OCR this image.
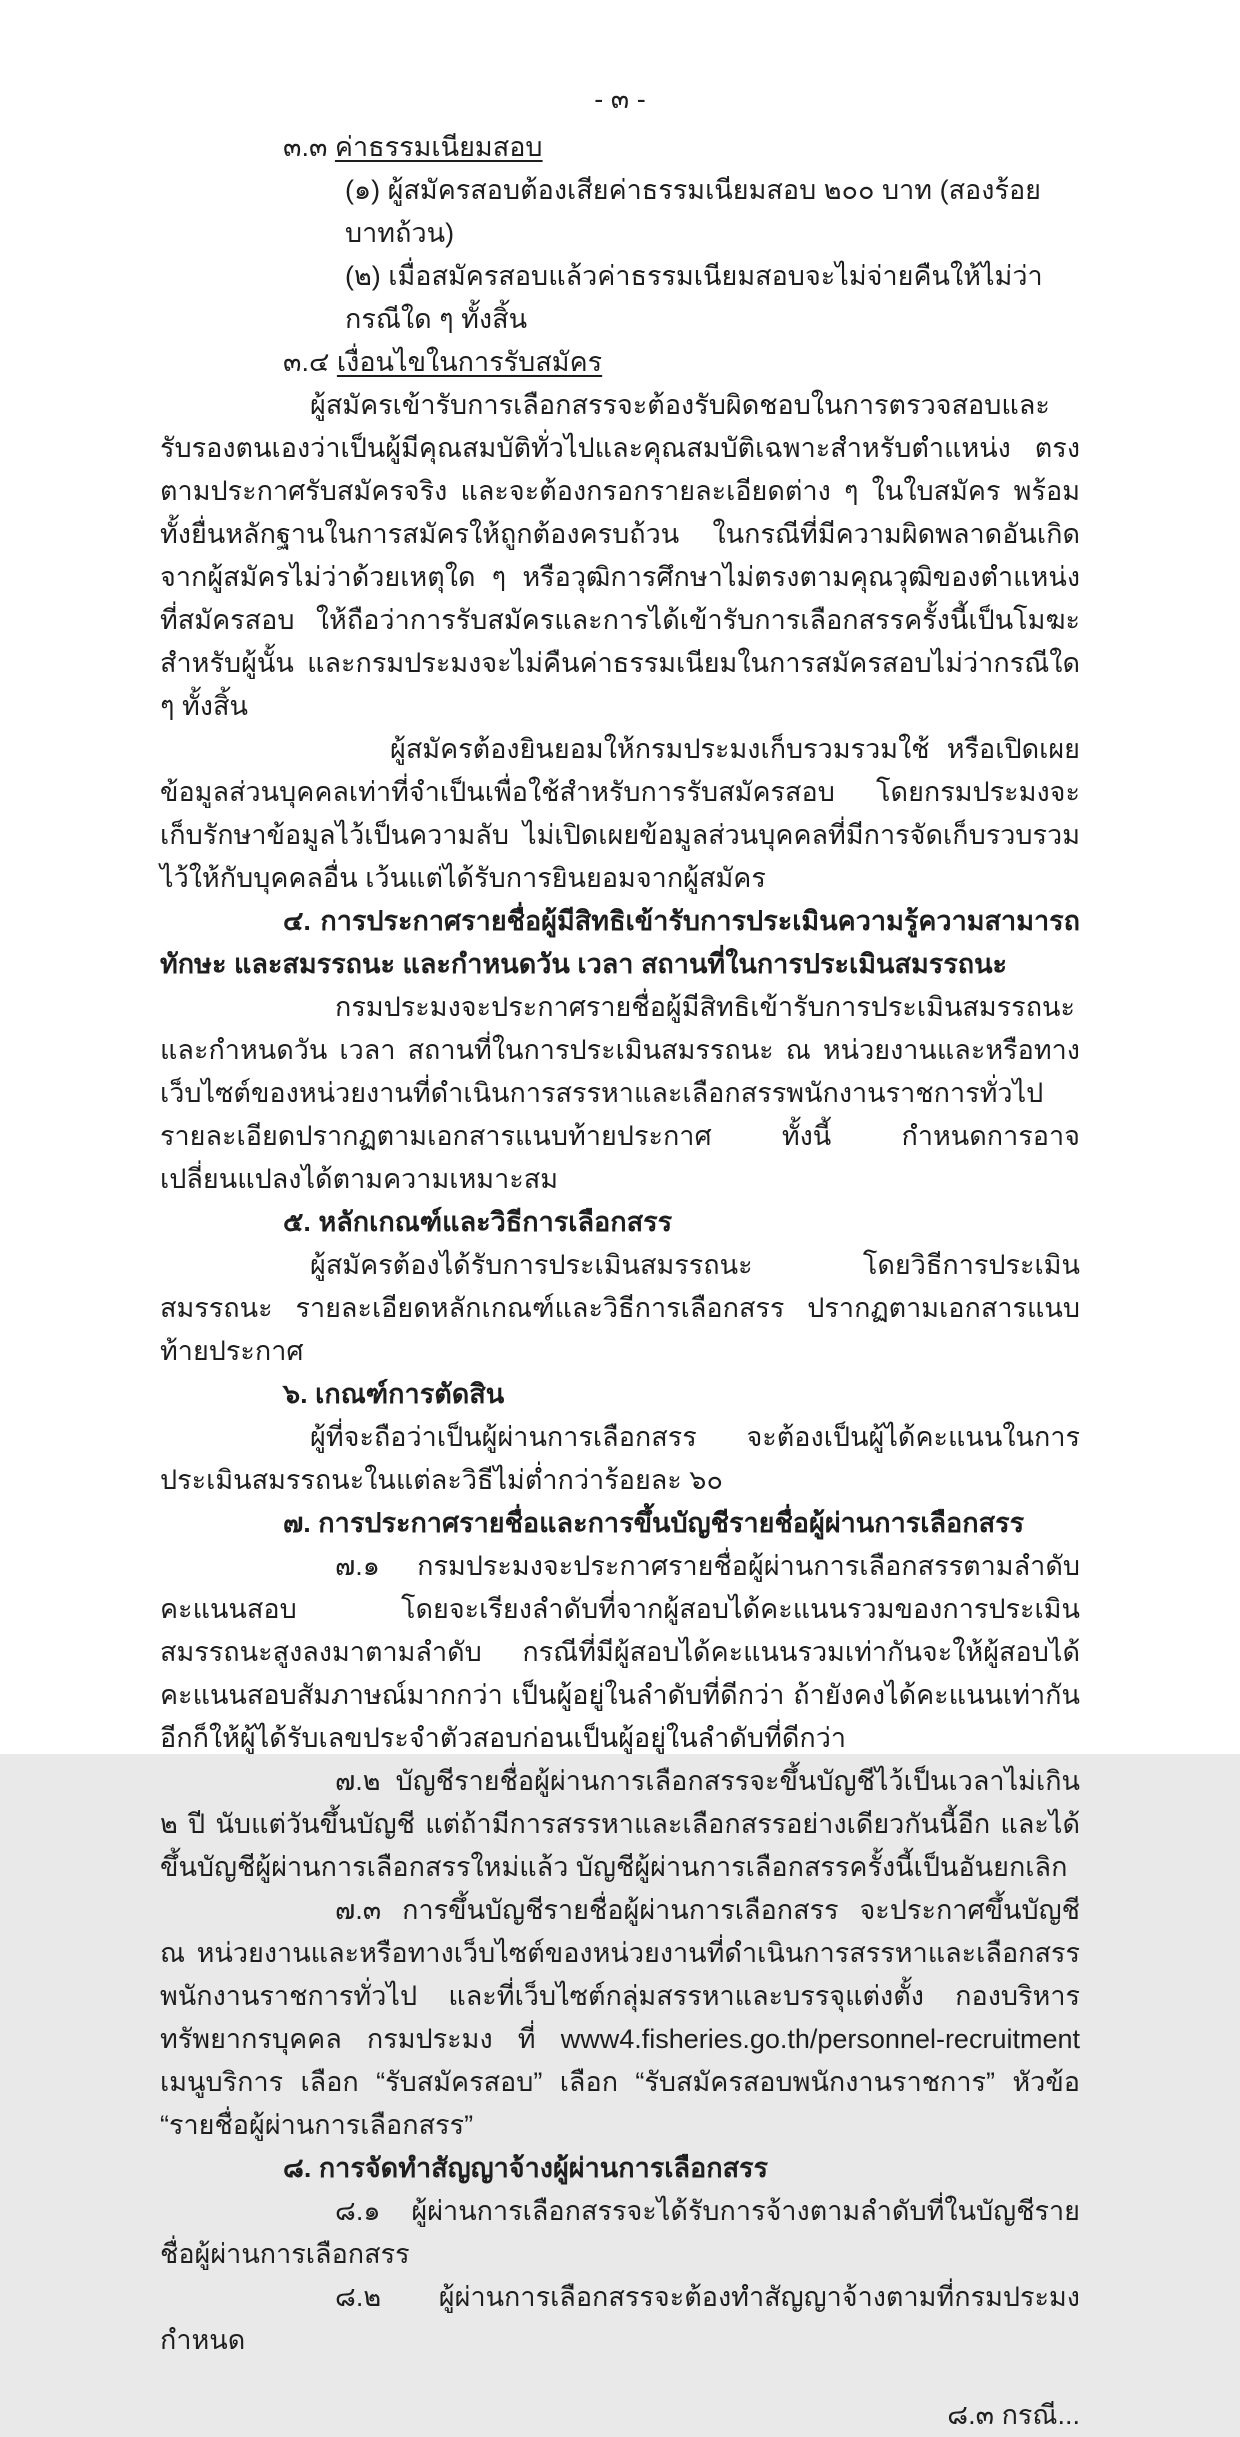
- ๓ -

๓.๓ ค่าธรรมเนียมสอบ

(๑) ผู้สมัครสอบต้องเสียค่าธรรมเนียมสอบ ๒๐๐ บาท (สองร้อยบาทถ้วน)

(๒) เมื่อสมัครสอบแล้วค่าธรรมเนียมสอบจะไม่จ่ายคืนให้ไม่ว่ากรณีใด ๆ ทั้งสิ้น

๓.๔ เงื่อนไขในการรับสมัคร

ผู้สมัครเข้ารับการเลือกสรรจะต้องรับผิดชอบในการตรวจสอบและรับรองตนเองว่าเป็นผู้มีคุณสมบัติทั่วไปและคุณสมบัติเฉพาะสำหรับตำแหน่ง ตรงตามประกาศรับสมัครจริง และจะต้องกรอกรายละเอียดต่าง ๆ ในใบสมัคร พร้อมทั้งยื่นหลักฐานในการสมัครให้ถูกต้องครบถ้วน ในกรณีที่มีความผิดพลาดอันเกิดจากผู้สมัครไม่ว่าด้วยเหตุใด ๆ หรือวุฒิการศึกษาไม่ตรงตามคุณวุฒิของตำแหน่งที่สมัครสอบ ให้ถือว่าการรับสมัครและการได้เข้ารับการเลือกสรรครั้งนี้เป็นโมฆะสำหรับผู้นั้น และกรมประมงจะไม่คืนค่าธรรมเนียมในการสมัครสอบไม่ว่ากรณีใด ๆ ทั้งสิ้น

ผู้สมัครต้องยินยอมให้กรมประมงเก็บรวมรวมใช้ หรือเปิดเผยข้อมูลส่วนบุคคลเท่าที่จำเป็นเพื่อใช้สำหรับการรับสมัครสอบ โดยกรมประมงจะเก็บรักษาข้อมูลไว้เป็นความลับ ไม่เปิดเผยข้อมูลส่วนบุคคลที่มีการจัดเก็บรวบรวมไว้ให้กับบุคคลอื่น เว้นแต่ได้รับการยินยอมจากผู้สมัคร

๔. การประกาศรายชื่อผู้มีสิทธิเข้ารับการประเมินความรู้ความสามารถ ทักษะ และสมรรถนะ และกำหนดวัน เวลา สถานที่ในการประเมินสมรรถนะ

กรมประมงจะประกาศรายชื่อผู้มีสิทธิเข้ารับการประเมินสมรรถนะ และกำหนดวัน เวลา สถานที่ในการประเมินสมรรถนะ ณ หน่วยงานและหรือทางเว็บไซต์ของหน่วยงานที่ดำเนินการสรรหาและเลือกสรรพนักงานราชการทั่วไป รายละเอียดปรากฏตามเอกสารแนบท้ายประกาศ ทั้งนี้ กำหนดการอาจเปลี่ยนแปลงได้ตามความเหมาะสม

๕. หลักเกณฑ์และวิธีการเลือกสรร

ผู้สมัครต้องได้รับการประเมินสมรรถนะ โดยวิธีการประเมินสมรรถนะ รายละเอียดหลักเกณฑ์และวิธีการเลือกสรร ปรากฏตามเอกสารแนบท้ายประกาศ

๖. เกณฑ์การตัดสิน

ผู้ที่จะถือว่าเป็นผู้ผ่านการเลือกสรร จะต้องเป็นผู้ได้คะแนนในการประเมินสมรรถนะในแต่ละวิธีไม่ต่ำกว่าร้อยละ ๖๐

๗. การประกาศรายชื่อและการขึ้นบัญชีรายชื่อผู้ผ่านการเลือกสรร

๗.๑ กรมประมงจะประกาศรายชื่อผู้ผ่านการเลือกสรรตามลำดับคะแนนสอบ โดยจะเรียงลำดับที่จากผู้สอบได้คะแนนรวมของการประเมินสมรรถนะสูงลงมาตามลำดับ กรณีที่มีผู้สอบได้คะแนนรวมเท่ากันจะให้ผู้สอบได้คะแนนสอบสัมภาษณ์มากกว่า เป็นผู้อยู่ในลำดับที่ดีกว่า ถ้ายังคงได้คะแนนเท่ากันอีกก็ให้ผู้ได้รับเลขประจำตัวสอบก่อนเป็นผู้อยู่ในลำดับที่ดีกว่า

๗.๒ บัญชีรายชื่อผู้ผ่านการเลือกสรรจะขึ้นบัญชีไว้เป็นเวลาไม่เกิน ๒ ปี นับแต่วันขึ้นบัญชี แต่ถ้ามีการสรรหาและเลือกสรรอย่างเดียวกันนี้อีก และได้ขึ้นบัญชีผู้ผ่านการเลือกสรรใหม่แล้ว บัญชีผู้ผ่านการเลือกสรรครั้งนี้เป็นอันยกเลิก

๗.๓ การขึ้นบัญชีรายชื่อผู้ผ่านการเลือกสรร จะประกาศขึ้นบัญชี ณ หน่วยงานและหรือทางเว็บไซต์ของหน่วยงานที่ดำเนินการสรรหาและเลือกสรรพนักงานราชการทั่วไป และที่เว็บไซต์กลุ่มสรรหาและบรรจุแต่งตั้ง กองบริหารทรัพยากรบุคคล กรมประมง ที่ www4.fisheries.go.th/personnel-recruitment เมนูบริการ เลือก “รับสมัครสอบ” เลือก “รับสมัครสอบพนักงานราชการ” หัวข้อ “รายชื่อผู้ผ่านการเลือกสรร”

๘. การจัดทำสัญญาจ้างผู้ผ่านการเลือกสรร

๘.๑ ผู้ผ่านการเลือกสรรจะได้รับการจ้างตามลำดับที่ในบัญชีรายชื่อผู้ผ่านการเลือกสรร

๘.๒ ผู้ผ่านการเลือกสรรจะต้องทำสัญญาจ้างตามที่กรมประมงกำหนด

๘.๓ กรณี...
